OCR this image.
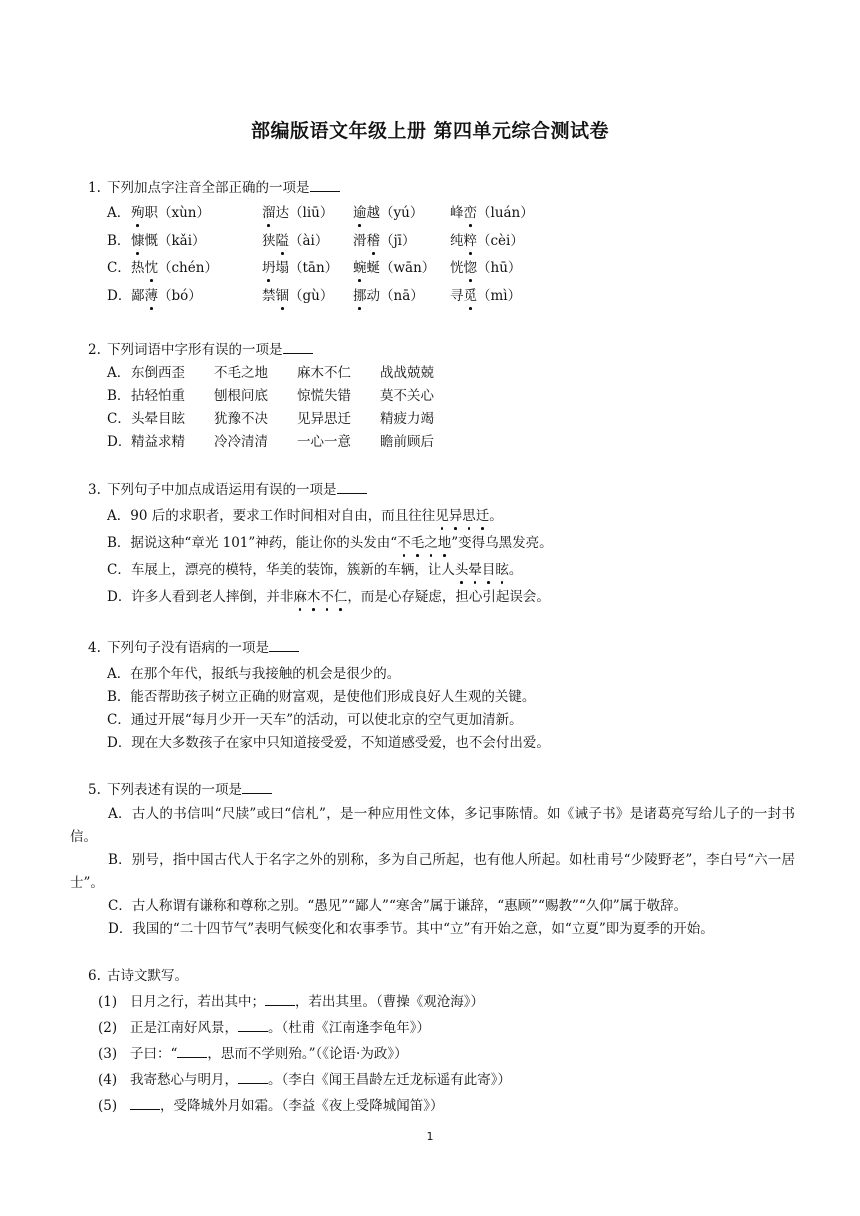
部编版语文年级上册 第四单元综合测试卷
1. 下列加点字注音全部正确的一项是
2. 下列词语中字形有误的一项是
3. 下列句子中加点成语运用有误的一项是
4. 下列句子没有语病的一项是
5. 下列表述有误的一项是
6. 古诗文默写。
1
A． 殉职（xùn）	溜达（liū） 逾越（yú） 峰峦（luán）
B． 慷慨（kǎi）	狭隘（ài） 滑稽（jī）	纯粹（cèi）
C． 热忱（chén）	坍塌（tān） 蜿蜒（wān） 恍惚（hū）
D． 鄙薄（bó）	禁锢（gù） 挪动（nā） 寻觅（mì）
A． 东倒西歪 不毛之地 麻木不仁 战战兢兢
B． 拈轻怕重 刨根问底 惊慌失错 莫不关心
C． 头晕目眩 犹豫不决 见异思迁 精疲力竭
D． 精益求精 冷冷清清 一心一意 瞻前顾后
A．90 后的求职者，要求工作时间相对自由，而且往往见异思迁。
B．据说这种“章光 101”神药，能让你的头发由“不毛之地”变得乌黑发亮。
C．车展上，漂亮的模特，华美的装饰，簇新的车辆，让人头晕目眩。
D．许多人看到老人摔倒，并非麻木不仁，而是心存疑虑，担心引起误会。
A．在那个年代，报纸与我接触的机会是很少的。
B．能否帮助孩子树立正确的财富观，是使他们形成良好人生观的关键。
C．通过开展“每月少开一天车”的活动，可以使北京的空气更加清新。
D．现在大多数孩子在家中只知道接受爱，不知道感受爱，也不会付出爱。
A．古人的书信叫“尺牍”或曰“信札”，是一种应用性文体，多记事陈情。如《诫子书》是诸葛亮写给儿子的一封书信。
B．别号，指中国古代人于名字之外的别称，多为自己所起，也有他人所起。如杜甫号“少陵野老”，李白号“六一居士”。
C．古人称谓有谦称和尊称之别。“愚见”“鄙人”“寒舍”属于谦辞，“惠顾”“赐教”“久仰”属于敬辞。
D．我国的“二十四节气”表明气候变化和农事季节。其中“立”有开始之意，如“立夏”即为夏季的开始。
(1) 日月之行，若出其中； ，若出其里。（曹操《观沧海》）
(2) 正是江南好风景， 。（杜甫《江南逢李龟年》）
(3) 子曰：“ ，思而不学则殆。”（《论语·为政》）
(4) 我寄愁心与明月， 。（李白《闻王昌龄左迁龙标遥有此寄》）
(5)	，受降城外月如霜。（李益《夜上受降城闻笛》）
